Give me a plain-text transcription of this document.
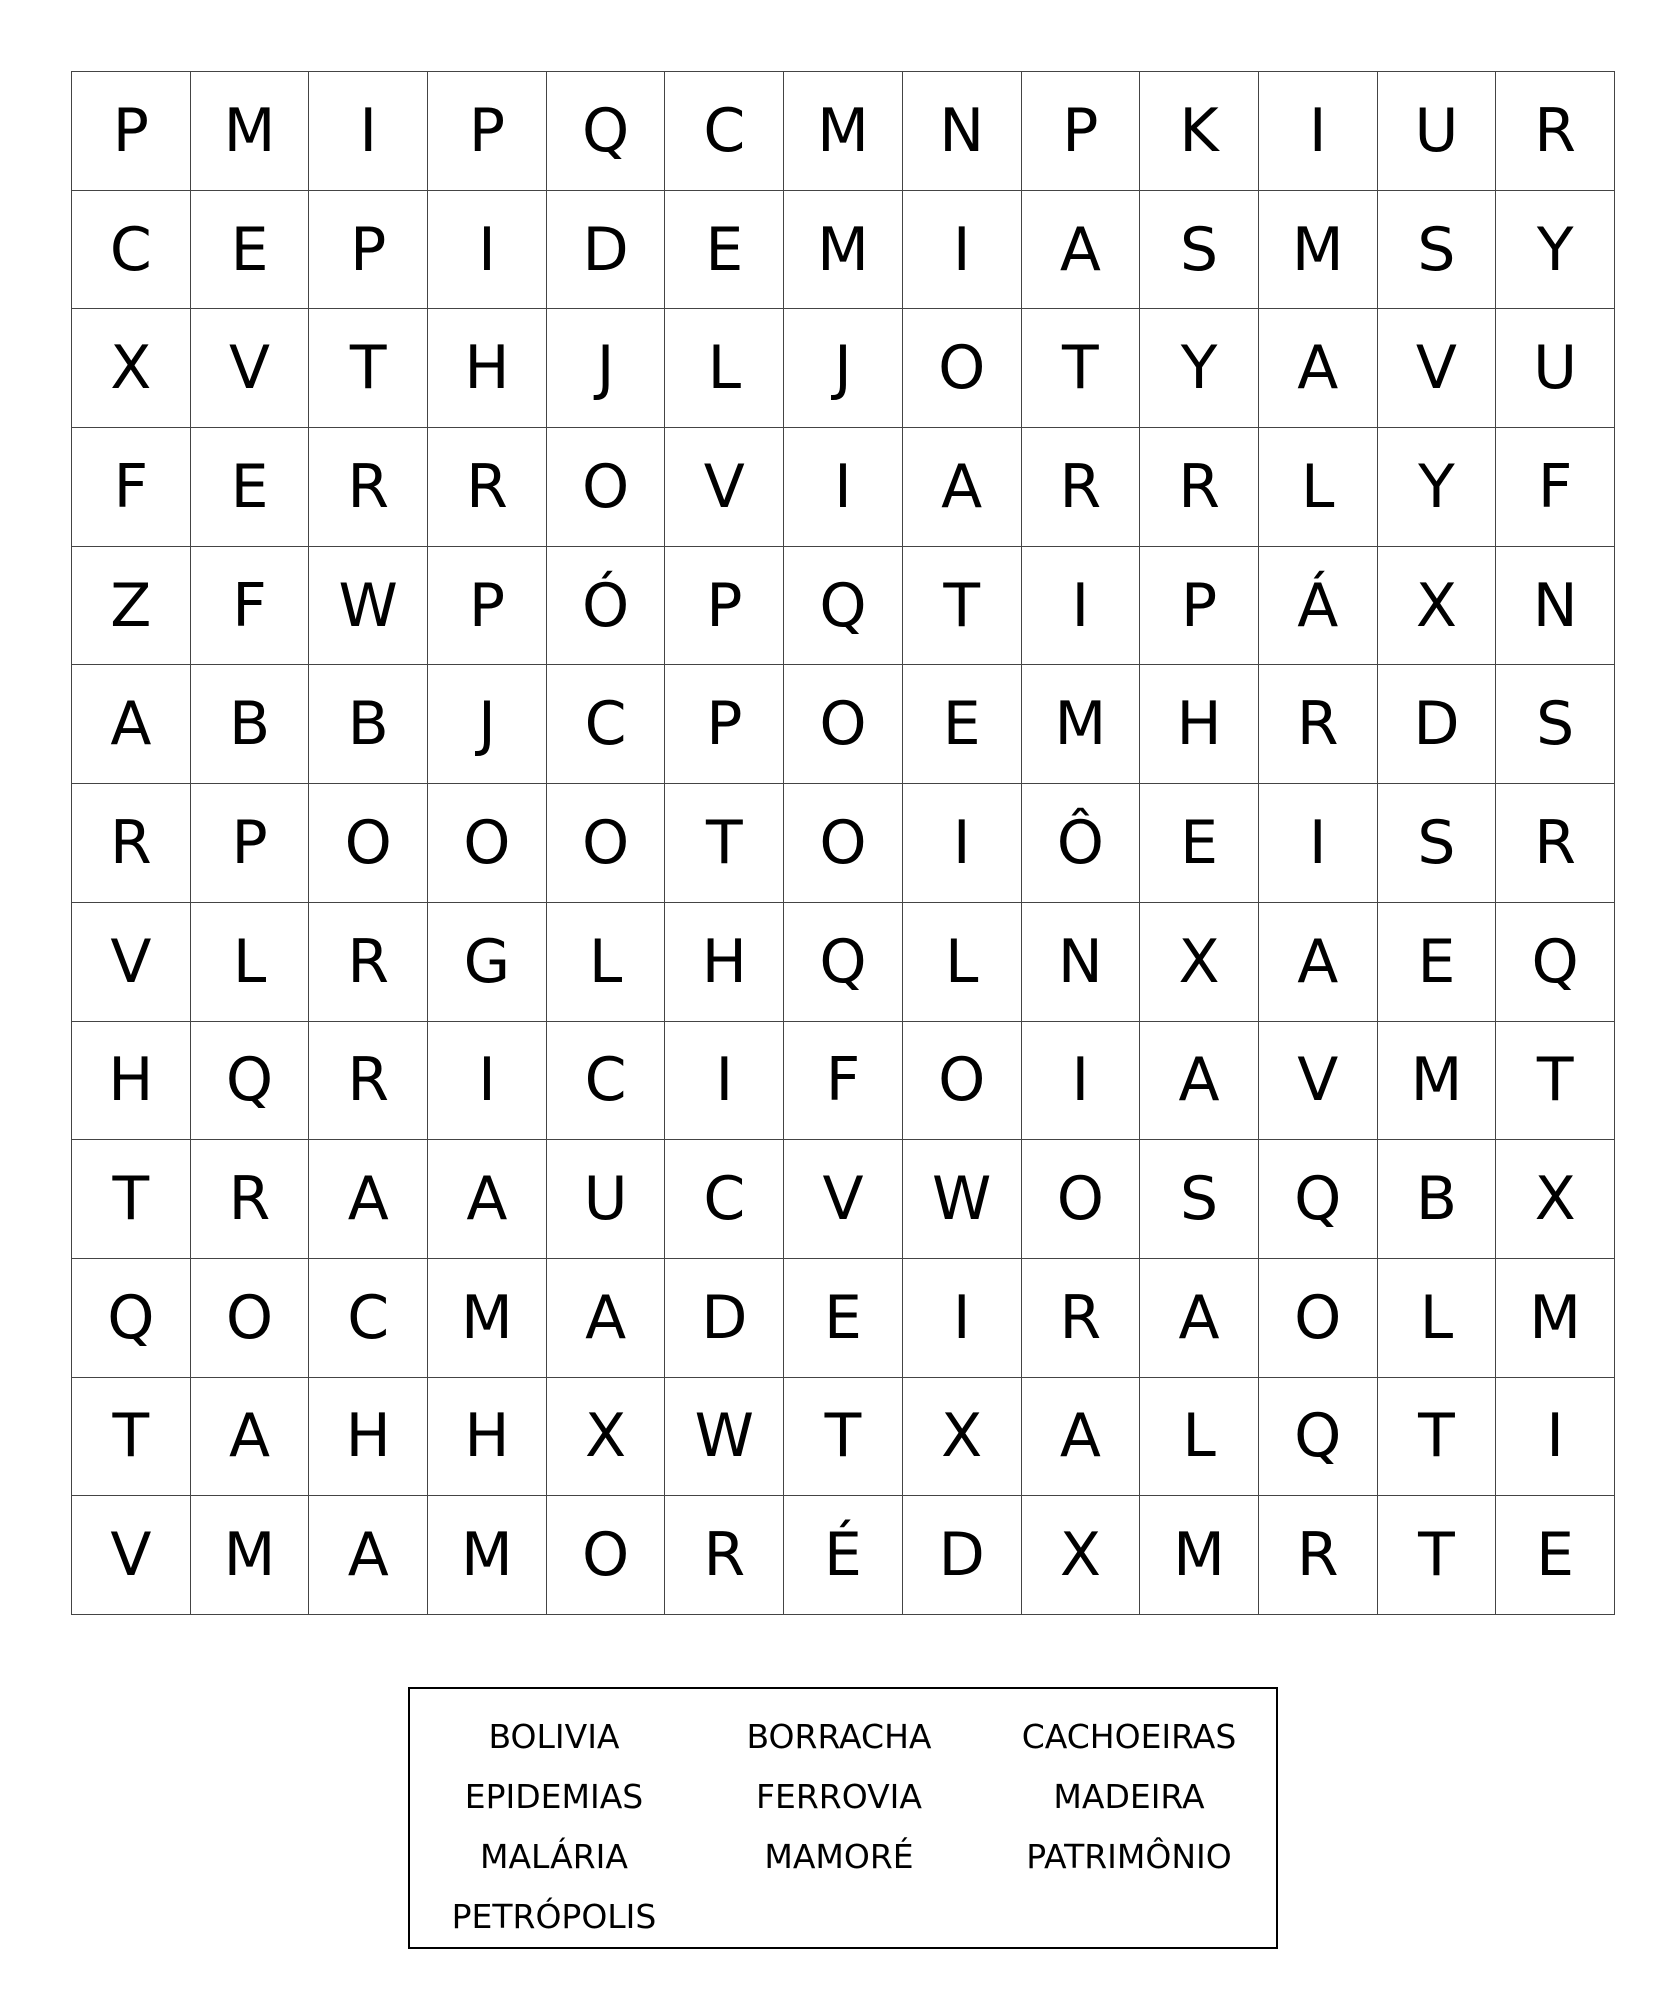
P	M	I	P	Q	C	M	N	P	K	I	U	R
C	E	P	I	D	E	M	I	A	S	M	S	Y
X	V	T	H	J	L	J	O	T	Y	A	V	U
F	E	R	R	O	V	I	A	R	R	L	Y	F
Z	F	W	P	Ó	P	Q	T	I	P	Á	X	N
A	B	B	J	C	P	O	E	M	H	R	D	S
R	P	O	O	O	T	O	I	Ô	E	I	S	R
V	L	R	G	L	H	Q	L	N	X	A	E	Q
H	Q	R	I	C	I	F	O	I	A	V	M	T
T	R	A	A	U	C	V	W	O	S	Q	B	X
Q	O	C	M	A	D	E	I	R	A	O	L	M
T	A	H	H	X	W	T	X	A	L	Q	T	I
V	M	A	M	O	R	É	D	X	M	R	T	E
BOLIVIA	BORRACHA	CACHOEIRAS
EPIDEMIAS	FERROVIA	MADEIRA
MALÁRIA	MAMORÉ	PATRIMÔNIO
PETRÓPOLIS
